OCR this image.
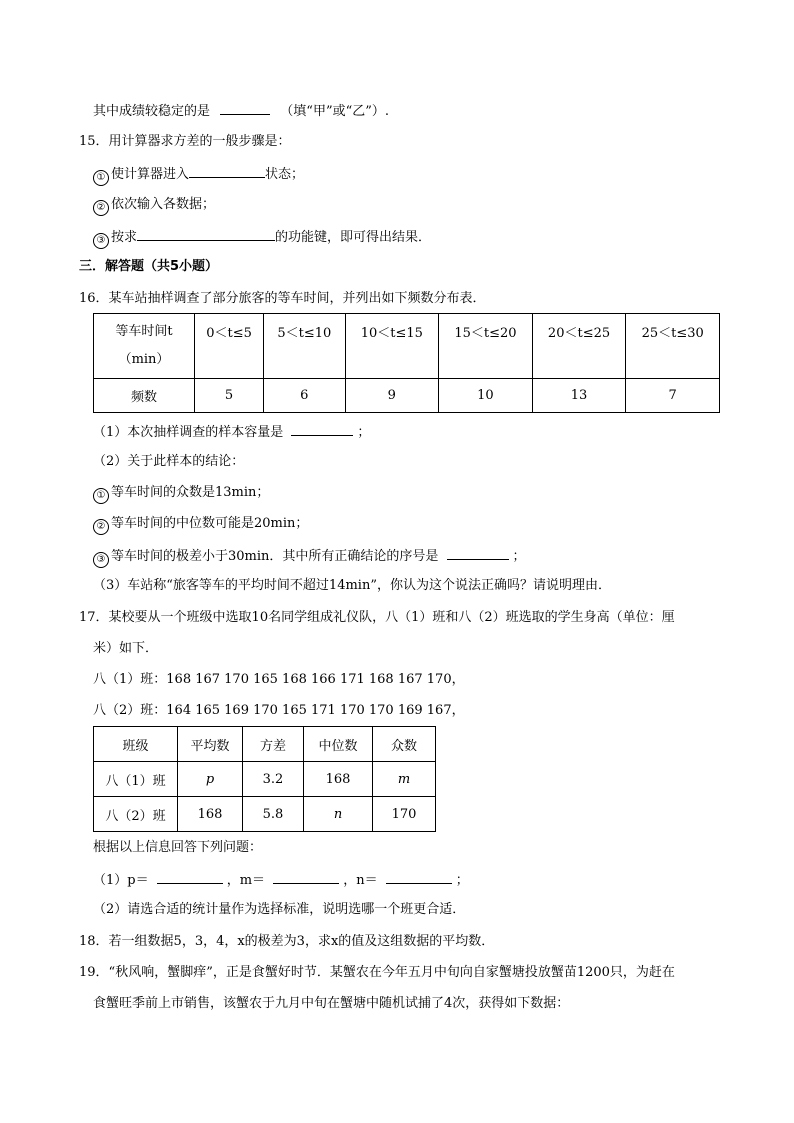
其中成绩较稳定的是	（填“甲”或“乙”）.
15．用计算器求方差的一般步骤是：
① 使计算器进入	状态；
② 依次输入各数据；
③ 按求	的功能键，即可得出结果．
三．解答题（共5小题）
16．某车站抽样调查了部分旅客的等车时间，并列出如下频数分布表．
等车时间t
（min）	0＜t≤5	5＜t≤10	10＜t≤15	15＜t≤20	20＜t≤25	25＜t≤30
频数	5	6	9	10	13	7
（1）本次抽样调查的样本容量是	；
（2）关于此样本的结论：
① 等车时间的众数是13min；
② 等车时间的中位数可能是20min；
③ 等车时间的极差小于30min．其中所有正确结论的序号是	；
（3）车站称“旅客等车的平均时间不超过14min”，你认为这个说法正确吗？请说明理由．
17．某校要从一个班级中选取10名同学组成礼仪队，八（1）班和八（2）班选取的学生身高（单位：厘
米）如下．
八（1）班：168 167 170 165 168 166 171 168 167 170，
八（2）班：164 165 169 170 165 171 170 170 169 167，
班级	平均数	方差	中位数	众数
八（1）班	p	3.2	168	m
八（2）班	168	5.8	n	170
根据以上信息回答下列问题：
（1）p＝	，m＝	，n＝	；
（2）请选合适的统计量作为选择标准，说明选哪一个班更合适．
18．若一组数据5，3，4，x的极差为3，求x的值及这组数据的平均数．
19．“秋风响，蟹脚痒”，正是食蟹好时节．某蟹农在今年五月中旬向自家蟹塘投放蟹苗1200只，为赶在
食蟹旺季前上市销售，该蟹农于九月中旬在蟹塘中随机试捕了4次，获得如下数据：
